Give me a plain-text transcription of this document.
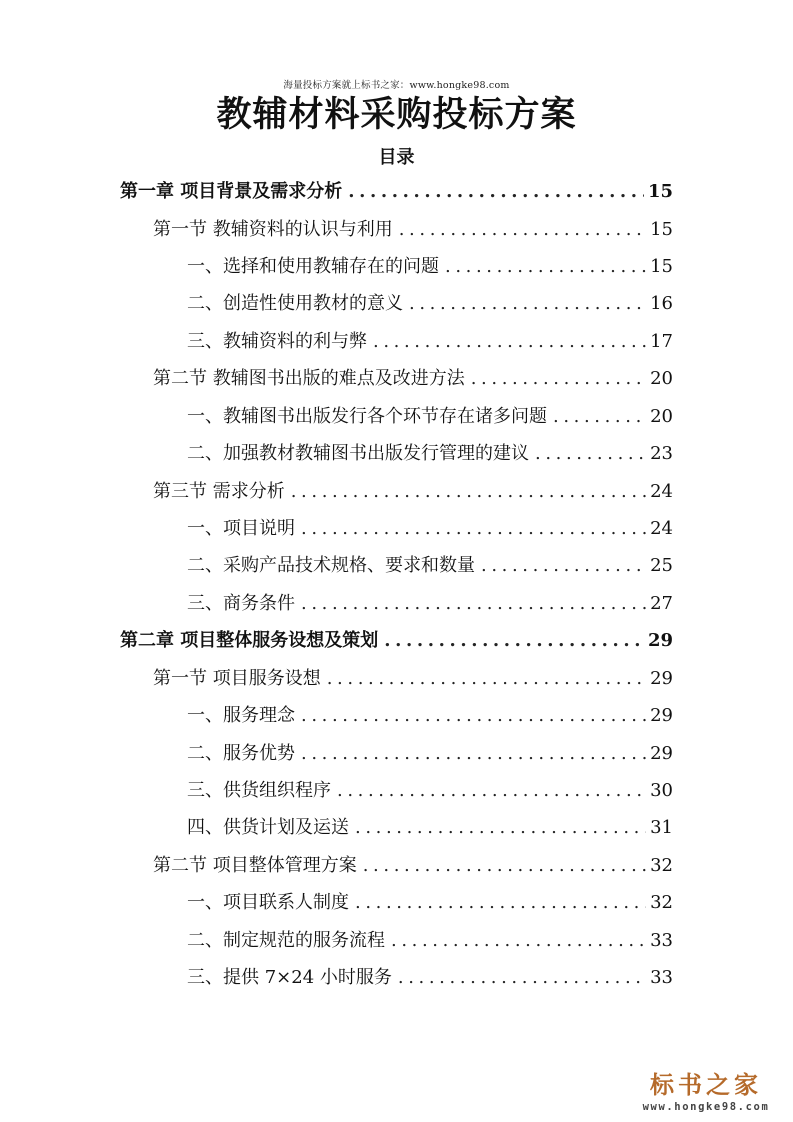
海量投标方案就上标书之家：www.hongke98.com
教辅材料采购投标方案
目录
第一章 项目背景及需求分析 .....	15
第一节 教辅资料的认识与利用 .....	15
一、选择和使用教辅存在的问题 .....	15
二、创造性使用教材的意义 .....	16
三、教辅资料的利与弊 .....	17
第二节 教辅图书出版的难点及改进方法 .....	20
一、教辅图书出版发行各个环节存在诸多问题 .....	20
二、加强教材教辅图书出版发行管理的建议 .....	23
第三节 需求分析 .....	24
一、项目说明 .....	24
二、采购产品技术规格、要求和数量 .....	25
三、商务条件 .....	27
第二章 项目整体服务设想及策划 .....	29
第一节 项目服务设想 .....	29
一、服务理念 .....	29
二、服务优势 .....	29
三、供货组织程序 .....	30
四、供货计划及运送 .....	31
第二节 项目整体管理方案 .....	32
一、项目联系人制度 .....	32
二、制定规范的服务流程 .....	33
三、提供 7×24 小时服务 .....	33
标书之家
www.hongke98.com
